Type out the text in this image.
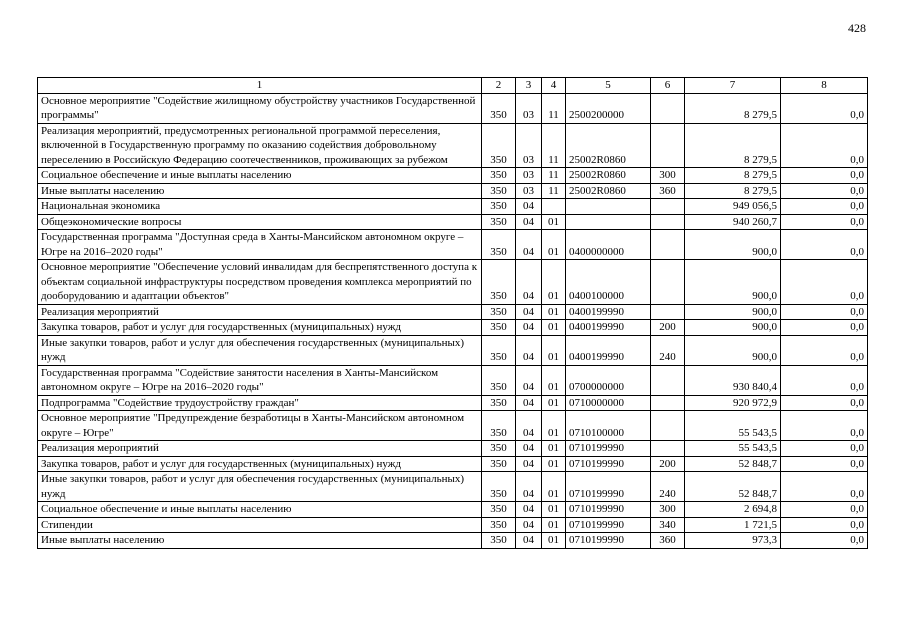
428
1	2	3	4	5	6	7	8
Основное мероприятие "Содействие жилищному обустройству участников Государственной программы"	350	03	11	2500200000		8 279,5	0,0
Реализация мероприятий, предусмотренных региональной программой переселения, включенной в Государственную программу по оказанию содействия добровольному переселению в Российскую Федерацию соотечественников, проживающих за рубежом	350	03	11	25002R0860		8 279,5	0,0
Социальное обеспечение и иные выплаты населению	350	03	11	25002R0860	300	8 279,5	0,0
Иные выплаты населению	350	03	11	25002R0860	360	8 279,5	0,0
Национальная экономика	350	04				949 056,5	0,0
Общеэкономические вопросы	350	04	01			940 260,7	0,0
Государственная программа "Доступная среда в Ханты-Мансийском автономном округе – Югре на 2016–2020 годы"	350	04	01	0400000000		900,0	0,0
Основное мероприятие "Обеспечение условий инвалидам для беспрепятственного доступа к объектам социальной инфраструктуры посредством проведения комплекса мероприятий по дооборудованию и адаптации объектов"	350	04	01	0400100000		900,0	0,0
Реализация мероприятий	350	04	01	0400199990		900,0	0,0
Закупка товаров, работ и услуг для государственных (муниципальных) нужд	350	04	01	0400199990	200	900,0	0,0
Иные закупки товаров, работ и услуг для обеспечения государственных (муниципальных) нужд	350	04	01	0400199990	240	900,0	0,0
Государственная программа "Содействие занятости населения в Ханты-Мансийском автономном округе – Югре на 2016–2020 годы"	350	04	01	0700000000		930 840,4	0,0
Подпрограмма "Содействие трудоустройству граждан"	350	04	01	0710000000		920 972,9	0,0
Основное мероприятие "Предупреждение безработицы в Ханты-Мансийском автономном округе – Югре"	350	04	01	0710100000		55 543,5	0,0
Реализация мероприятий	350	04	01	0710199990		55 543,5	0,0
Закупка товаров, работ и услуг для государственных (муниципальных) нужд	350	04	01	0710199990	200	52 848,7	0,0
Иные закупки товаров, работ и услуг для обеспечения государственных (муниципальных) нужд	350	04	01	0710199990	240	52 848,7	0,0
Социальное обеспечение и иные выплаты населению	350	04	01	0710199990	300	2 694,8	0,0
Стипендии	350	04	01	0710199990	340	1 721,5	0,0
Иные выплаты населению	350	04	01	0710199990	360	973,3	0,0
